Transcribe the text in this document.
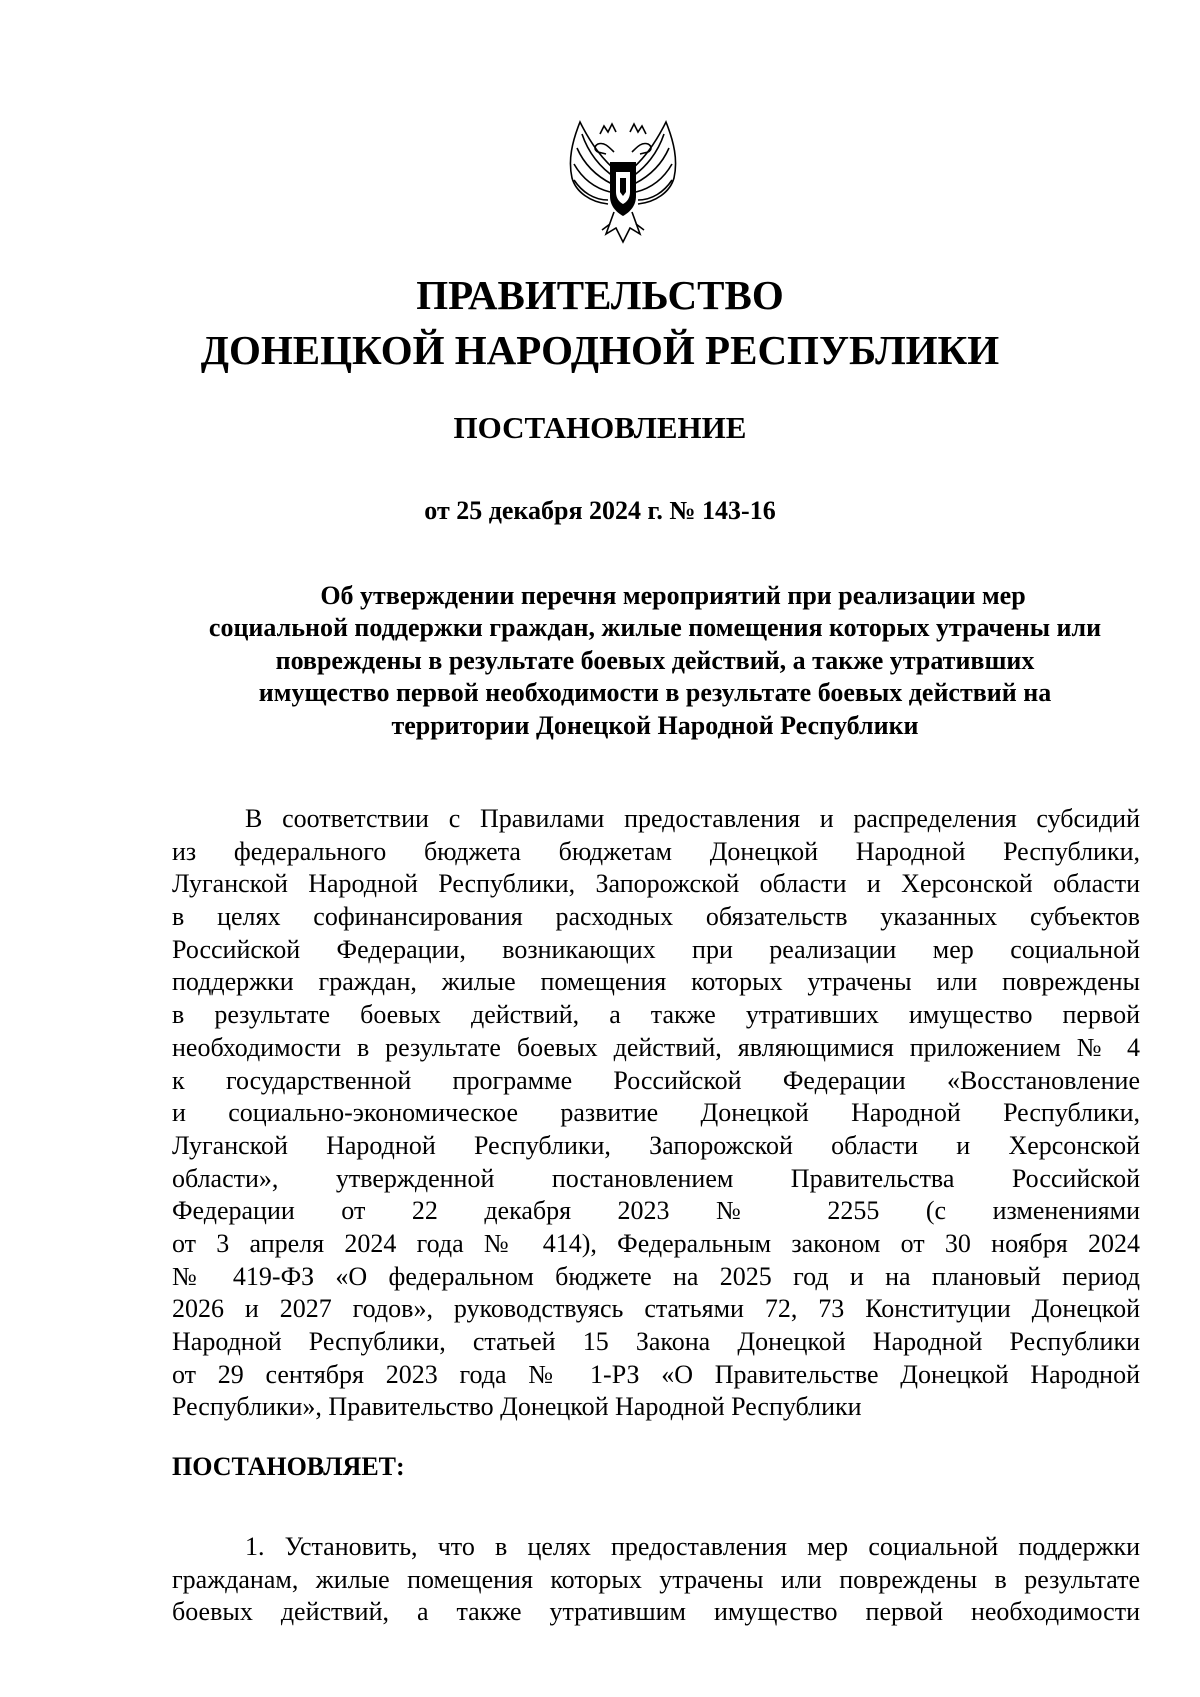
ПРАВИТЕЛЬСТВО
ДОНЕЦКОЙ НАРОДНОЙ РЕСПУБЛИКИ
ПОСТАНОВЛЕНИЕ
от 25 декабря 2024 г. № 143-16
Об утверждении перечня мероприятий при реализации мер
социальной поддержки граждан, жилые помещения которых утрачены или
повреждены в результате боевых действий, а также утративших
имущество первой необходимости в результате боевых действий на
территории Донецкой Народной Республики
В соответствии с Правилами предоставления и распределения субсидий
из федерального бюджета бюджетам Донецкой Народной Республики,
Луганской Народной Республики, Запорожской области и Херсонской области
в целях софинансирования расходных обязательств указанных субъектов
Российской Федерации, возникающих при реализации мер социальной
поддержки граждан, жилые помещения которых утрачены или повреждены
в результате боевых действий, а также утративших имущество первой
необходимости в результате боевых действий, являющимися приложением № 4
к государственной программе Российской Федерации «Восстановление
и социально-экономическое развитие Донецкой Народной Республики,
Луганской Народной Республики, Запорожской области и Херсонской
области», утвержденной постановлением Правительства Российской
Федерации от 22 декабря 2023 № 2255 (с изменениями
от 3 апреля 2024 года № 414), Федеральным законом от 30 ноября 2024
№ 419-ФЗ «О федеральном бюджете на 2025 год и на плановый период
2026 и 2027 годов», руководствуясь статьями 72, 73 Конституции Донецкой
Народной Республики, статьей 15 Закона Донецкой Народной Республики
от 29 сентября 2023 года № 1-РЗ «О Правительстве Донецкой Народной
Республики», Правительство Донецкой Народной Республики
ПОСТАНОВЛЯЕТ:
1. Установить, что в целях предоставления мер социальной поддержки
гражданам, жилые помещения которых утрачены или повреждены в результате
боевых действий, а также утратившим имущество первой необходимости
